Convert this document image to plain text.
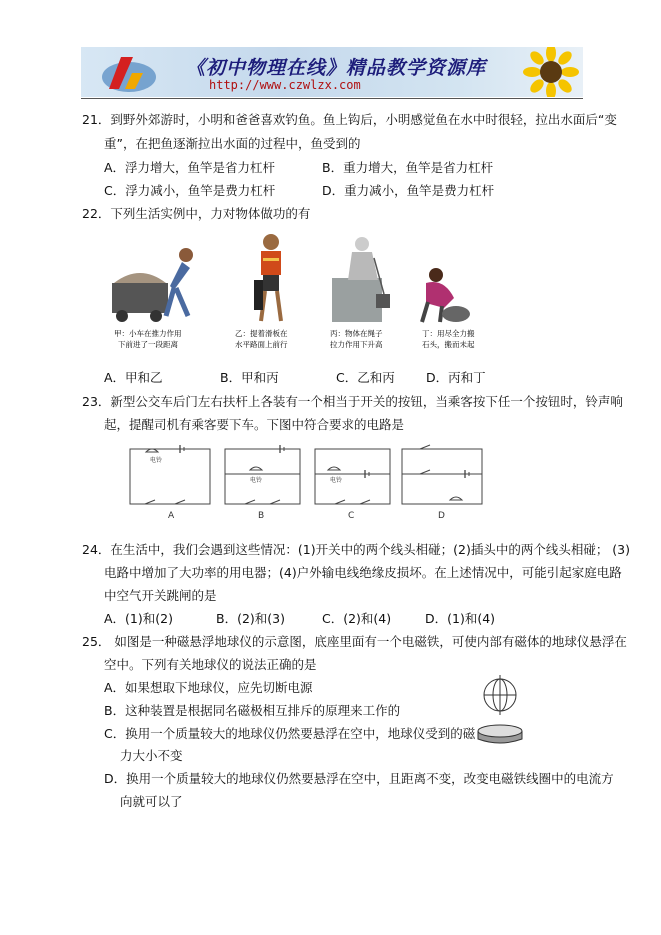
《初中物理在线》精品教学资源库
http://www.czwlzx.com
21．到野外郊游时，小明和爸爸喜欢钓鱼。鱼上钩后，小明感觉鱼在水中时很轻，拉出水面后“变
重”，在把鱼逐渐拉出水面的过程中，鱼受到的
A．浮力增大，鱼竿是省力杠杆	B．重力增大，鱼竿是省力杠杆
C．浮力减小，鱼竿是费力杠杆	D．重力减小，鱼竿是费力杠杆
22．下列生活实例中，力对物体做功的有
甲：小车在推力作用
下前进了一段距离
乙：提着滑板在
水平路面上前行
丙：物体在绳子
拉力作用下升高
丁：用尽全力搬
石头，搬而未起
A．甲和乙	B．甲和丙	C．乙和丙	D．丙和丁
23．新型公交车后门左右扶杆上各装有一个相当于开关的按钮，当乘客按下任一个按钮时，铃声响
起，提醒司机有乘客要下车。下图中符合要求的电路是
电铃
A
电铃
B
电铃
C	D
24．在生活中，我们会遇到这些情况：(1)开关中的两个线头相碰；(2)插头中的两个线头相碰； (3)
电路中增加了大功率的用电器；(4)户外输电线绝缘皮损坏。在上述情况中，可能引起家庭电路
中空气开关跳闸的是
A．(1)和(2)	B．(2)和(3)	C．(2)和(4)	D．(1)和(4)
25． 如图是一种磁悬浮地球仪的示意图，底座里面有一个电磁铁，可使内部有磁体的地球仪悬浮在
空中。下列有关地球仪的说法正确的是
A．如果想取下地球仪，应先切断电源
B．这种装置是根据同名磁极相互排斥的原理来工作的
C．换用一个质量较大的地球仪仍然要悬浮在空中，地球仪受到的磁
力大小不变
D．换用一个质量较大的地球仪仍然要悬浮在空中，且距离不变，改变电磁铁线圈中的电流方
向就可以了
